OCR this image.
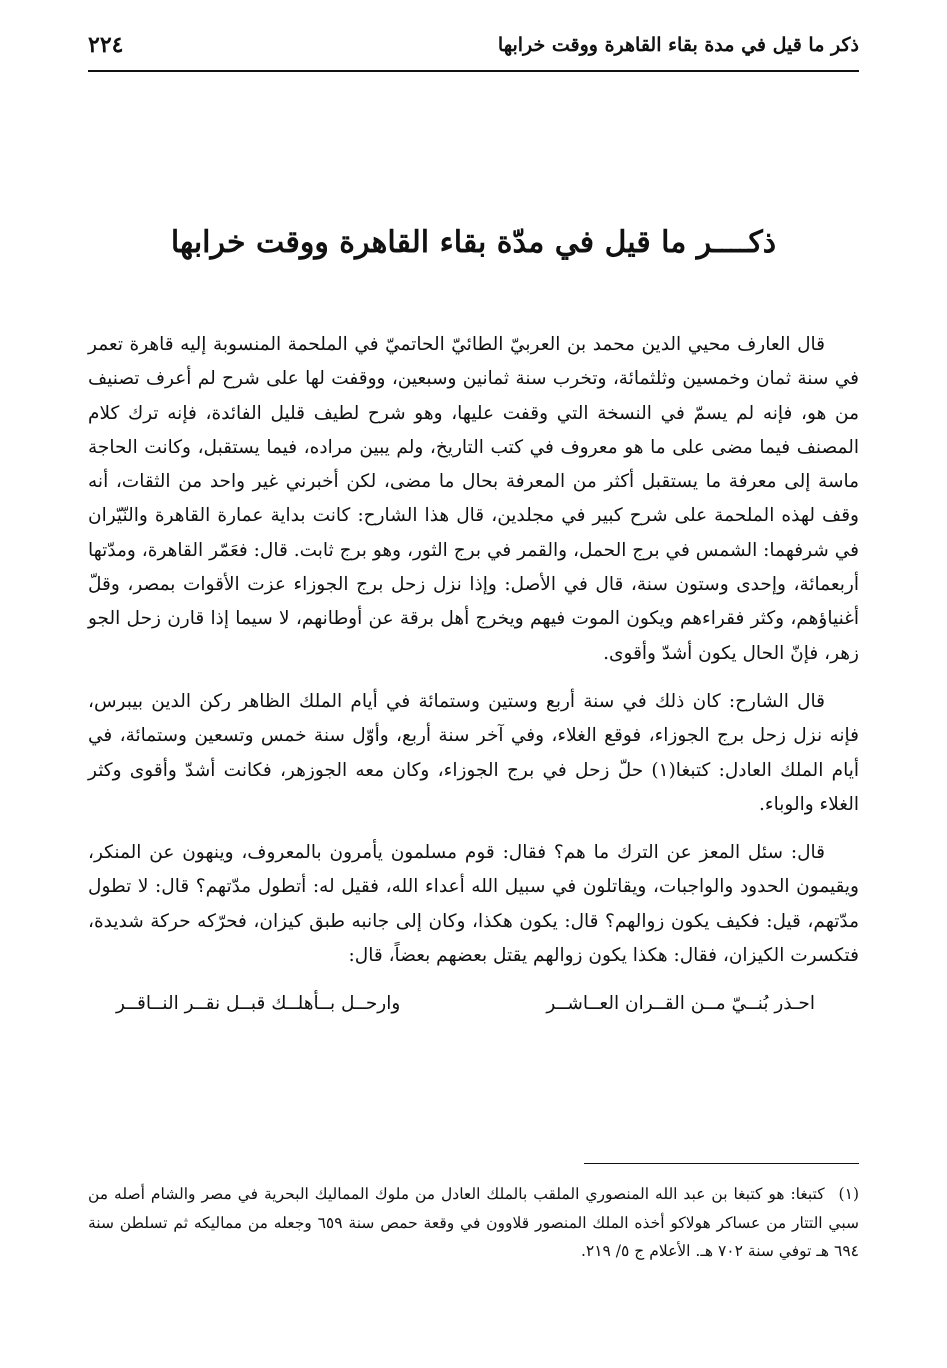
ذكر ما قيل في مدة بقاء القاهرة ووقت خرابها
٢٢٤
ذكــــر ما قيل في مدّة بقاء القاهرة ووقت خرابها

قال العارف محيي الدين محمد بن العربيّ الطائيّ الحاتميّ في الملحمة المنسوبة إليه قاهرة تعمر في سنة ثمان وخمسين وثلثمائة، وتخرب سنة ثمانين وسبعين، ووقفت لها على شرح لم أعرف تصنيف من هو، فإنه لم يسمّ في النسخة التي وقفت عليها، وهو شرح لطيف قليل الفائدة، فإنه ترك كلام المصنف فيما مضى على ما هو معروف في كتب التاريخ، ولم يبين مراده، فيما يستقبل، وكانت الحاجة ماسة إلى معرفة ما يستقبل أكثر من المعرفة بحال ما مضى، لكن أخبرني غير واحد من الثقات، أنه وقف لهذه الملحمة على شرح كبير في مجلدين، قال هذا الشارح: كانت بداية عمارة القاهرة والنّيّران في شرفهما: الشمس في برج الحمل، والقمر في برج الثور، وهو برج ثابت. قال: فعَمّر القاهرة، ومدّتها أربعمائة، وإحدى وستون سنة، قال في الأصل: وإذا نزل زحل برج الجوزاء عزت الأقوات بمصر، وقلّ أغنياؤهم، وكثر فقراءهم ويكون الموت فيهم ويخرج أهل برقة عن أوطانهم، لا سيما إذا قارن زحل الجو زهر، فإنّ الحال يكون أشدّ وأقوى.

قال الشارح: كان ذلك في سنة أربع وستين وستمائة في أيام الملك الظاهر ركن الدين بيبرس، فإنه نزل زحل برج الجوزاء، فوقع الغلاء، وفي آخر سنة أربع، وأوّل سنة خمس وتسعين وستمائة، في أيام الملك العادل: كتبغا(١) حلّ زحل في برج الجوزاء، وكان معه الجوزهر، فكانت أشدّ وأقوى وكثر الغلاء والوباء.

قال: سئل المعز عن الترك ما هم؟ فقال: قوم مسلمون يأمرون بالمعروف، وينهون عن المنكر، ويقيمون الحدود والواجبات، ويقاتلون في سبيل الله أعداء الله، فقيل له: أتطول مدّتهم؟ قال: لا تطول مدّتهم، قيل: فكيف يكون زوالهم؟ قال: يكون هكذا، وكان إلى جانبه طبق كيزان، فحرّكه حركة شديدة، فتكسرت الكيزان، فقال: هكذا يكون زوالهم يقتل بعضهم بعضاً، قال:

احـذر بُنــيّ مــن القــران العــاشــر
وارحــل بــأهلــك قبــل نقــر النــاقــر

(١) كتبغا: هو كتبغا بن عبد الله المنصوري الملقب بالملك العادل من ملوك المماليك البحرية في مصر والشام أصله من سبي التتار من عساكر هولاكو أخذه الملك المنصور قلاوون في وقعة حمص سنة ٦٥٩ وجعله من مماليكه ثم تسلطن سنة ٦٩٤ هـ توفي سنة ٧٠٢ هـ. الأعلام ج ٥/ ٢١٩.
